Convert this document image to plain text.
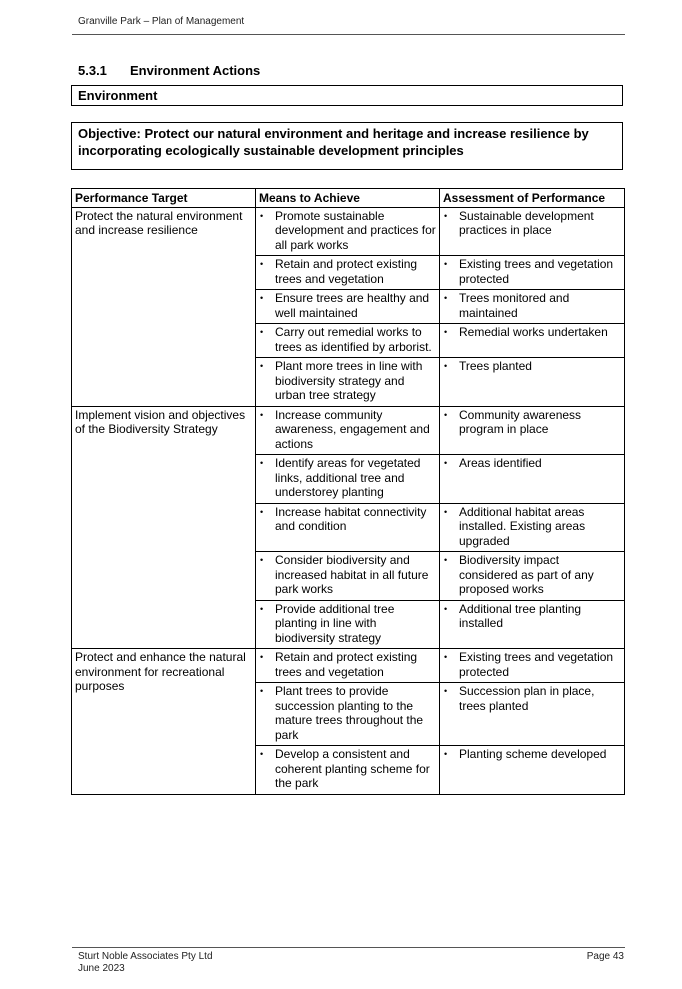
Granville Park – Plan of Management
5.3.1 Environment Actions
Environment
Objective: Protect our natural environment and heritage and increase resilience by incorporating ecologically sustainable development principles
Performance Target	Means to Achieve	Assessment of Performance
Protect the natural environment and increase resilience	• Promote sustainable development and practices for all park works	• Sustainable development practices in place

	• Retain and protect existing trees and vegetation	• Existing trees and vegetation protected

	• Ensure trees are healthy and well maintained	• Trees monitored and maintained

	• Carry out remedial works to trees as identified by arborist.	• Remedial works undertaken

	• Plant more trees in line with biodiversity strategy and urban tree strategy	• Trees planted
Implement vision and objectives of the Biodiversity Strategy	• Increase community awareness, engagement and actions	• Community awareness program in place

	• Identify areas for vegetated links, additional tree and understorey planting	• Areas identified

	• Increase habitat connectivity and condition	• Additional habitat areas installed. Existing areas upgraded

	• Consider biodiversity and increased habitat in all future park works	• Biodiversity impact considered as part of any proposed works

	• Provide additional tree planting in line with biodiversity strategy	• Additional tree planting installed
Protect and enhance the natural environment for recreational purposes	• Retain and protect existing trees and vegetation	• Existing trees and vegetation protected

	• Plant trees to provide succession planting to the mature trees throughout the park	• Succession plan in place, trees planted

	• Develop a consistent and coherent planting scheme for the park	• Planting scheme developed
Sturt Noble Associates Pty Ltd
June 2023
Page 43
